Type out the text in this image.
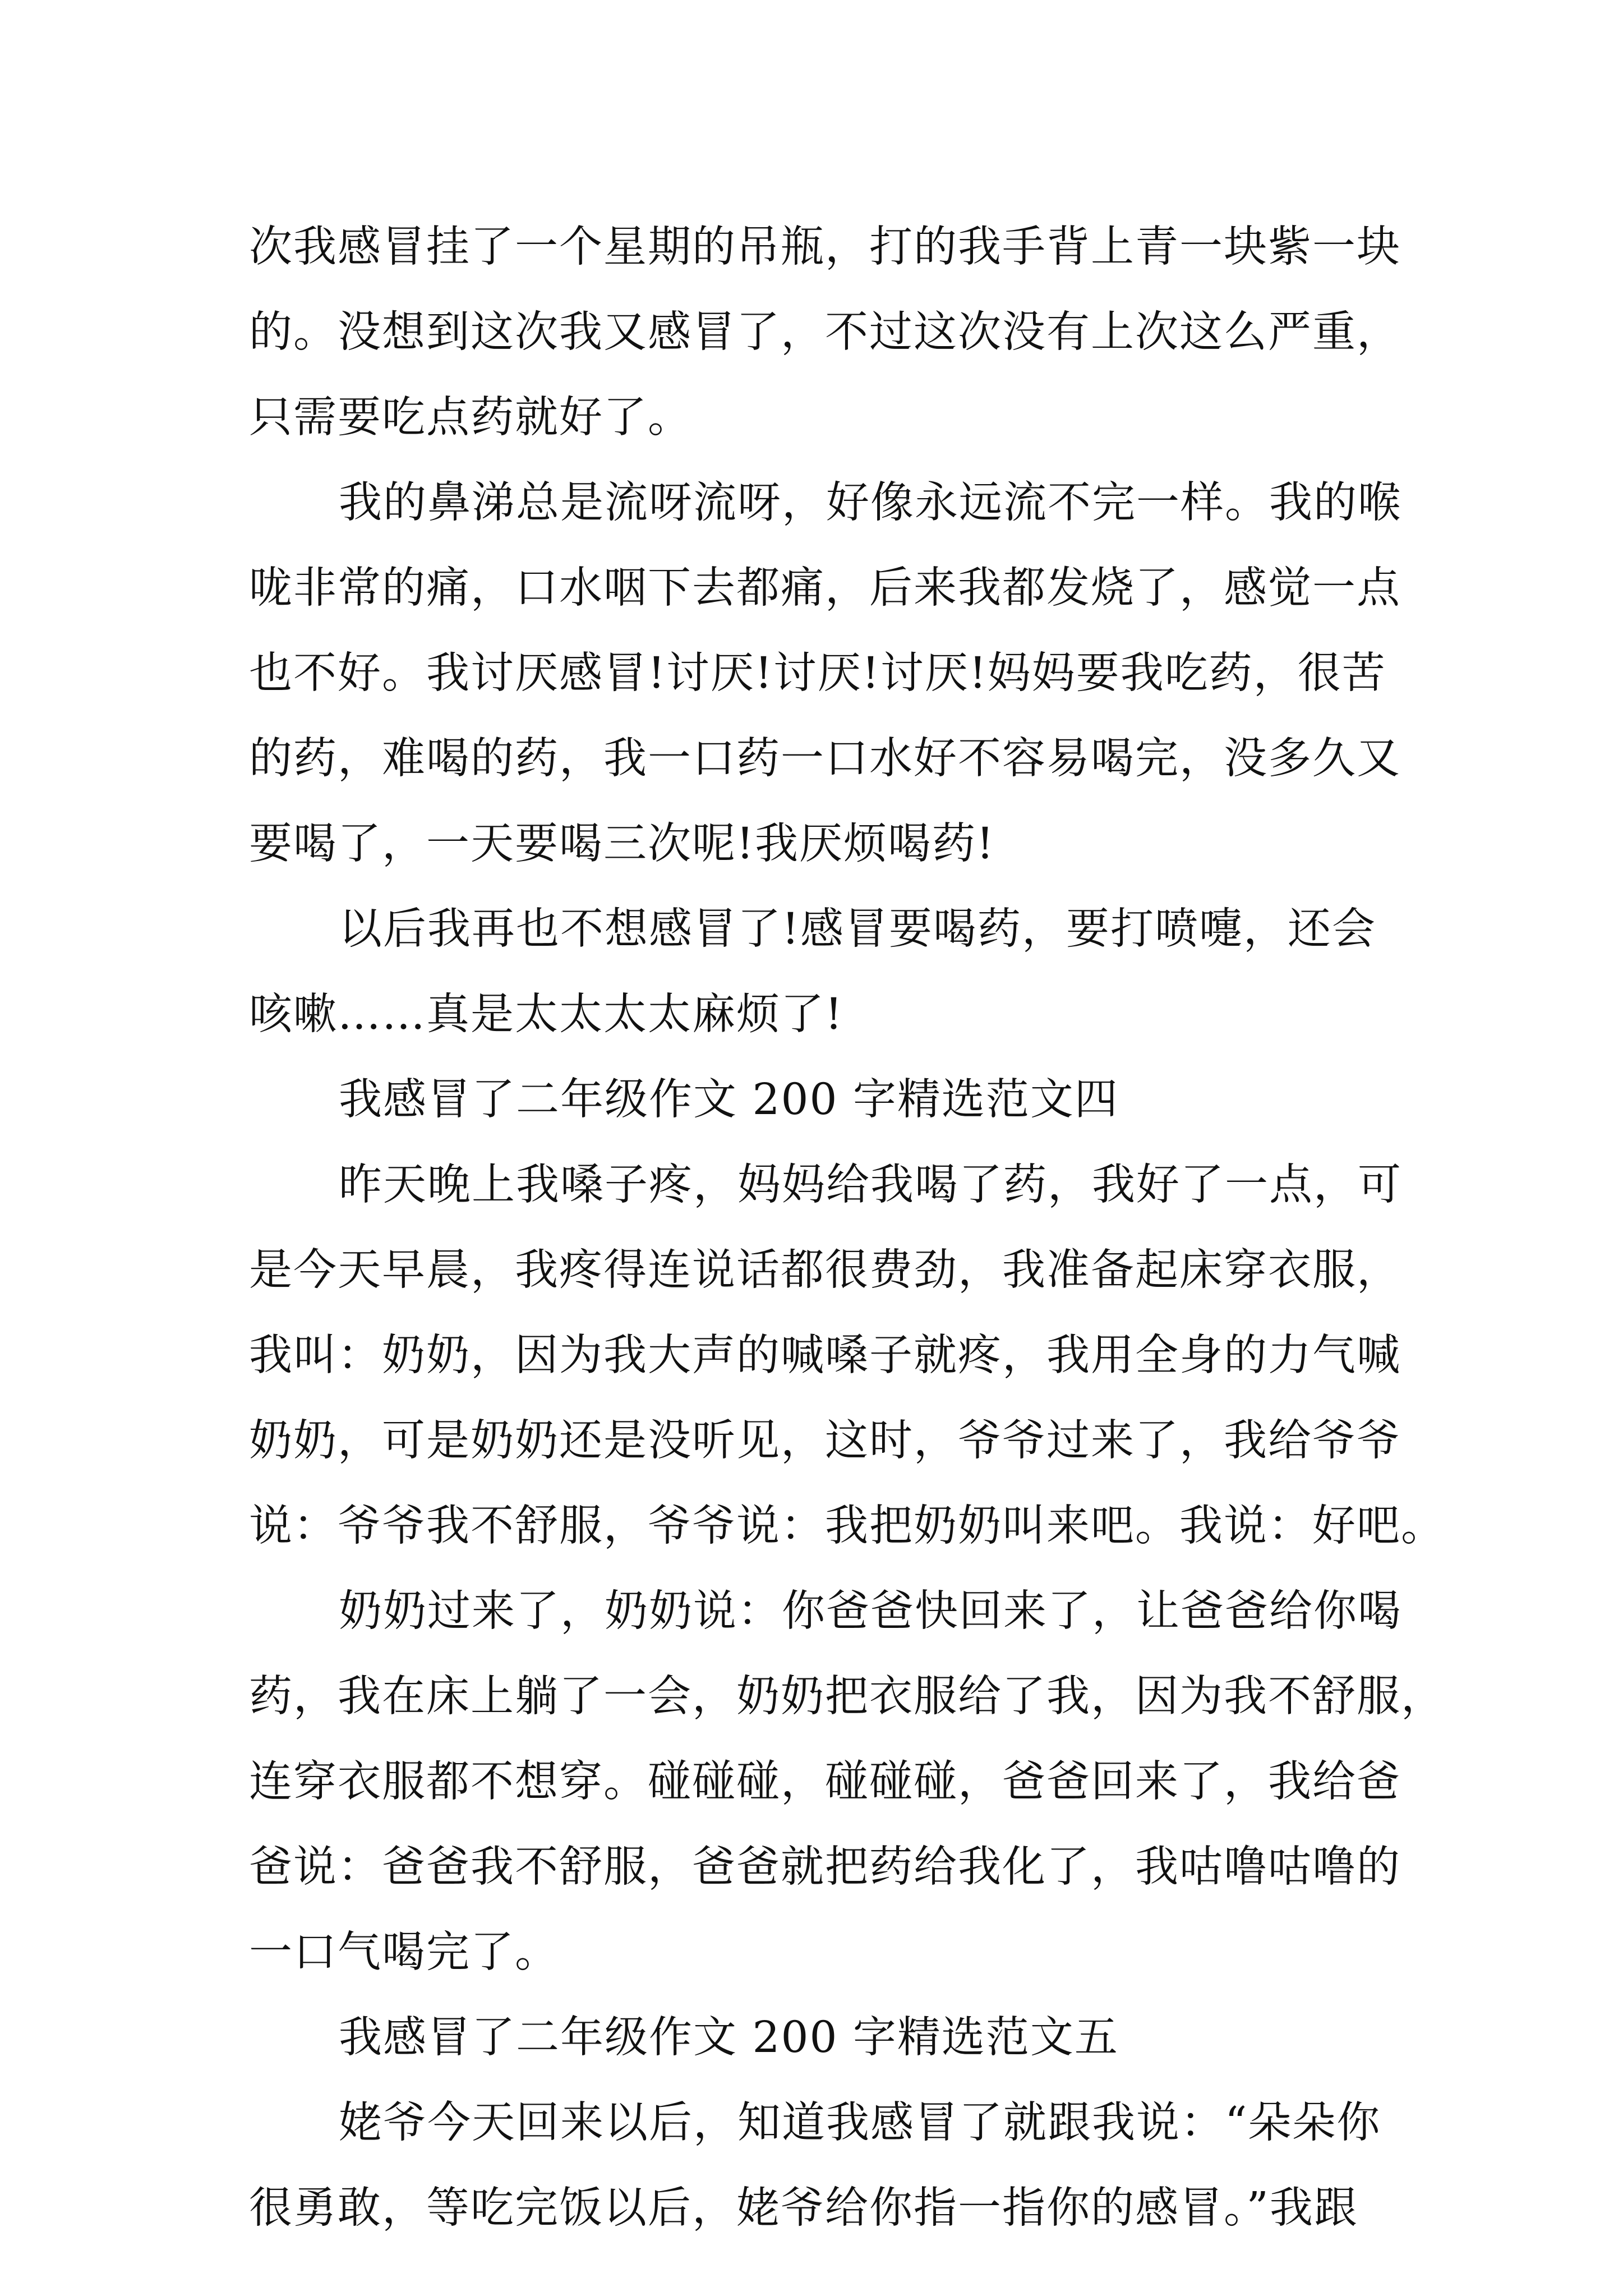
次我感冒挂了一个星期的吊瓶，打的我手背上青一块紫一块
的。没想到这次我又感冒了，不过这次没有上次这么严重，
只需要吃点药就好了。
我的鼻涕总是流呀流呀，好像永远流不完一样。我的喉
咙非常的痛，口水咽下去都痛，后来我都发烧了，感觉一点
也不好。我讨厌感冒!讨厌!讨厌!讨厌!妈妈要我吃药，很苦
的药，难喝的药，我一口药一口水好不容易喝完，没多久又
要喝了，一天要喝三次呢!我厌烦喝药!
以后我再也不想感冒了!感冒要喝药，要打喷嚏，还会
咳嗽……真是太太太太麻烦了!
我感冒了二年级作文 200 字精选范文四
昨天晚上我嗓子疼，妈妈给我喝了药，我好了一点，可
是今天早晨，我疼得连说话都很费劲，我准备起床穿衣服，
我叫：奶奶，因为我大声的喊嗓子就疼，我用全身的力气喊
奶奶，可是奶奶还是没听见，这时，爷爷过来了，我给爷爷
说：爷爷我不舒服，爷爷说：我把奶奶叫来吧。我说：好吧。
奶奶过来了，奶奶说：你爸爸快回来了，让爸爸给你喝
药，我在床上躺了一会，奶奶把衣服给了我，因为我不舒服，
连穿衣服都不想穿。碰碰碰，碰碰碰，爸爸回来了，我给爸
爸说：爸爸我不舒服，爸爸就把药给我化了，我咕噜咕噜的
一口气喝完了。
我感冒了二年级作文 200 字精选范文五
姥爷今天回来以后，知道我感冒了就跟我说：“朵朵你
很勇敢，等吃完饭以后，姥爷给你指一指你的感冒。”我跟
